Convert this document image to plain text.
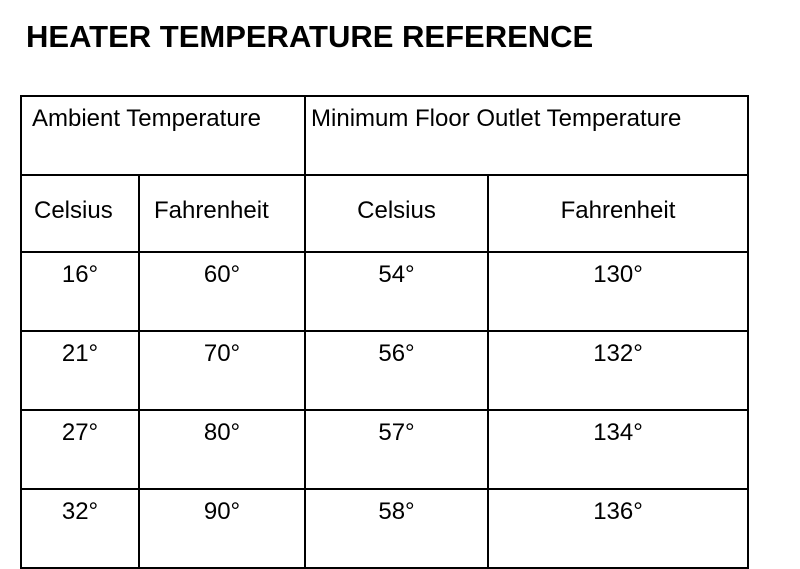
HEATER TEMPERATURE REFERENCE
Ambient Temperature		Minimum Floor Outlet Temperature	
Celsius	Fahrenheit	Celsius	Fahrenheit
16°	60°	54°	130°
21°	70°	56°	132°
27°	80°	57°	134°
32°	90°	58°	136°
